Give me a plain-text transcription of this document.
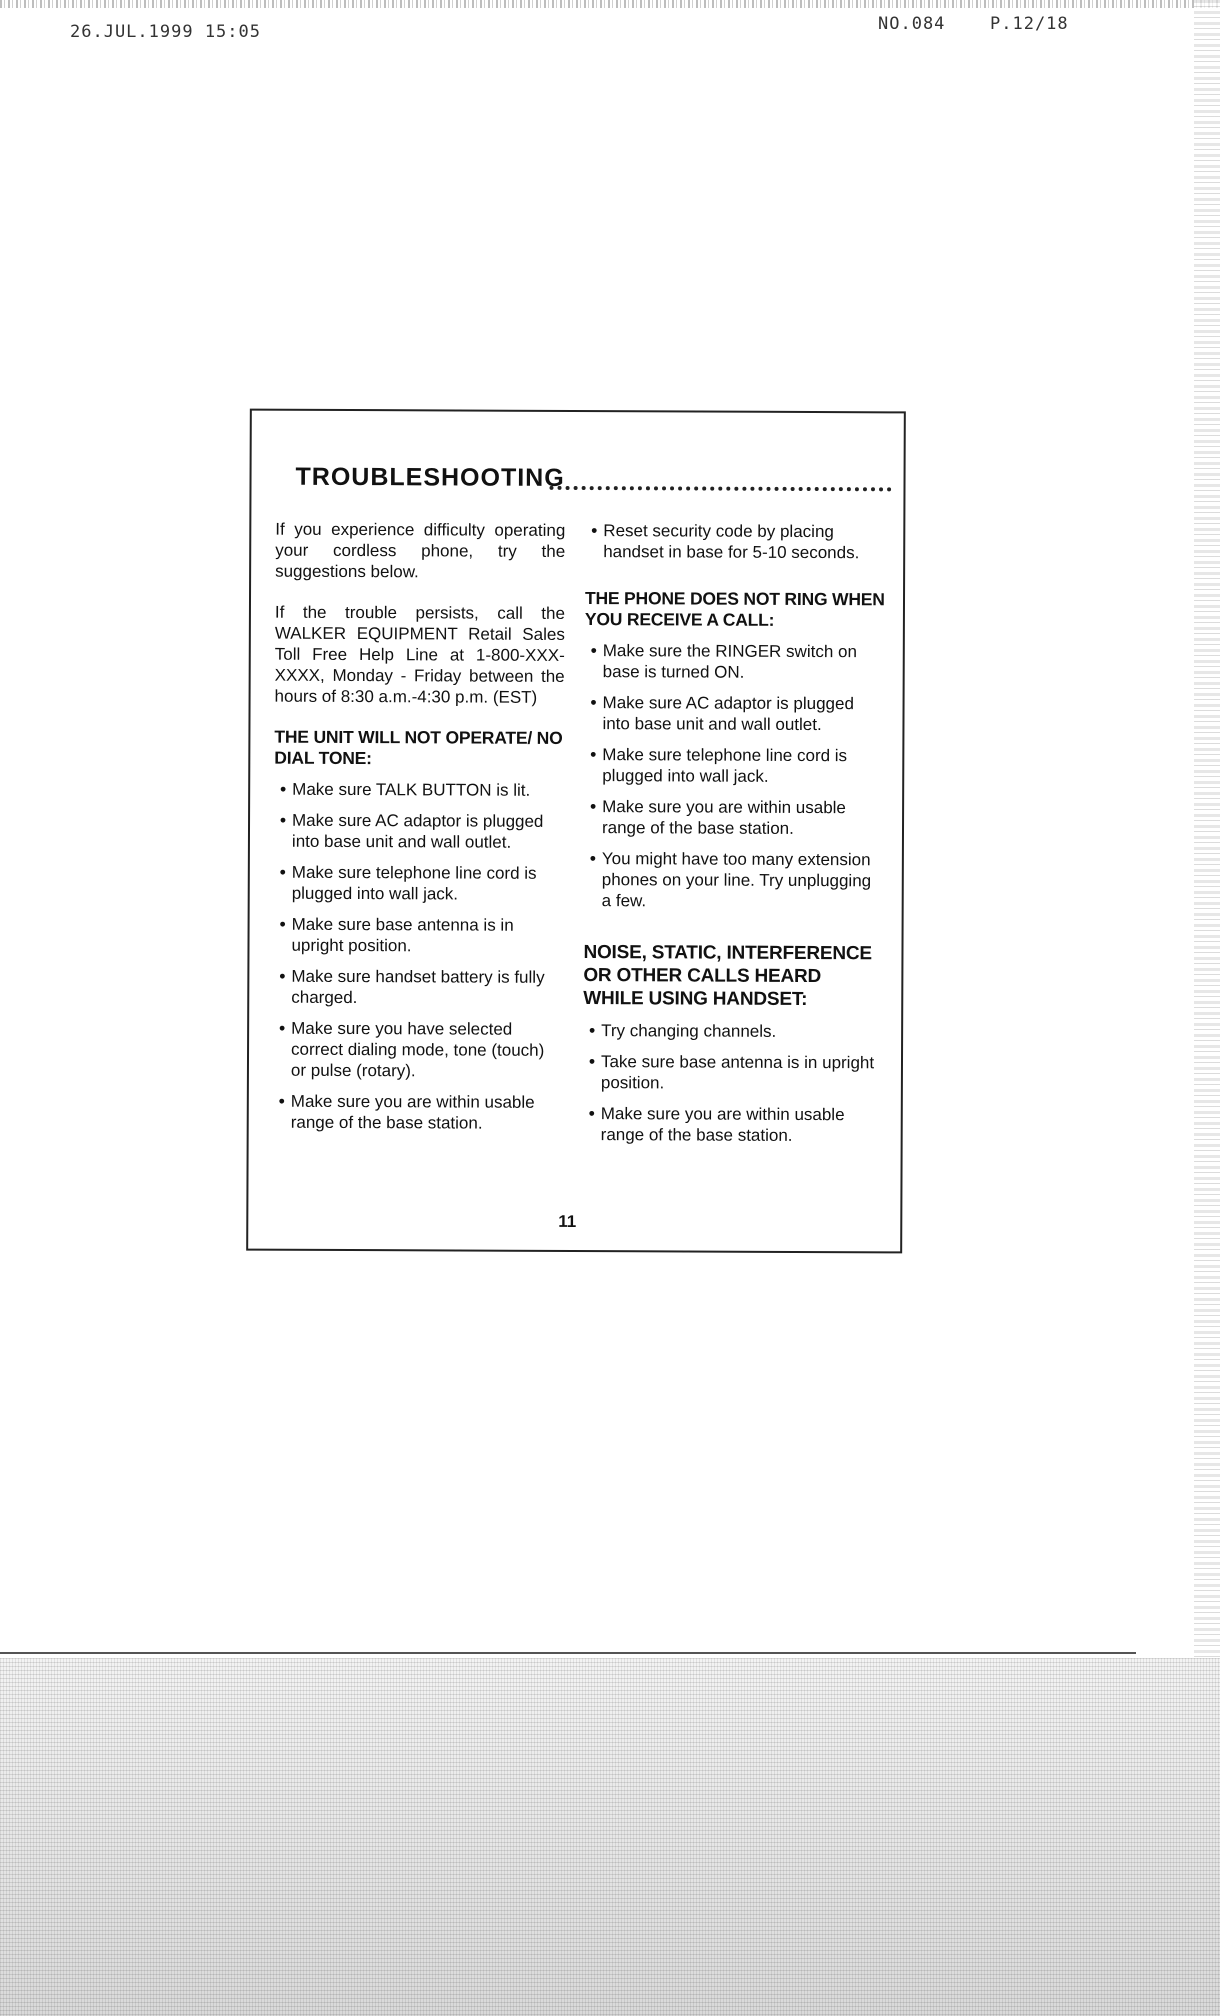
26.JUL.1999 15:05	NO.084	P.12/18
TROUBLESHOOTING

If you experience difficulty operating your cordless phone, try the suggestions below.

If the trouble persists, call the WALKER EQUIPMENT Retail Sales Toll Free Help Line at 1-800-XXX-XXXX, Monday - Friday between the hours of 8:30 a.m.-4:30 p.m. (EST)

THE UNIT WILL NOT OPERATE/ NO DIAL TONE:
• Make sure TALK BUTTON is lit.
• Make sure AC adaptor is plugged into base unit and wall outlet.
• Make sure telephone line cord is plugged into wall jack.
• Make sure base antenna is in upright position.
• Make sure handset battery is fully charged.
• Make sure you have selected correct dialing mode, tone (touch) or pulse (rotary).
• Make sure you are within usable range of the base station.
• Reset security code by placing handset in base for 5-10 seconds.
THE PHONE DOES NOT RING WHEN YOU RECEIVE A CALL:
• Make sure the RINGER switch on base is turned ON.
• Make sure AC adaptor is plugged into base unit and wall outlet.
• Make sure telephone line cord is plugged into wall jack.
• Make sure you are within usable range of the base station.
• You might have too many extension phones on your line. Try unplugging a few.
NOISE, STATIC, INTERFERENCE OR OTHER CALLS HEARD WHILE USING HANDSET:
• Try changing channels.
• Take sure base antenna is in upright position.
• Make sure you are within usable range of the base station.
11
